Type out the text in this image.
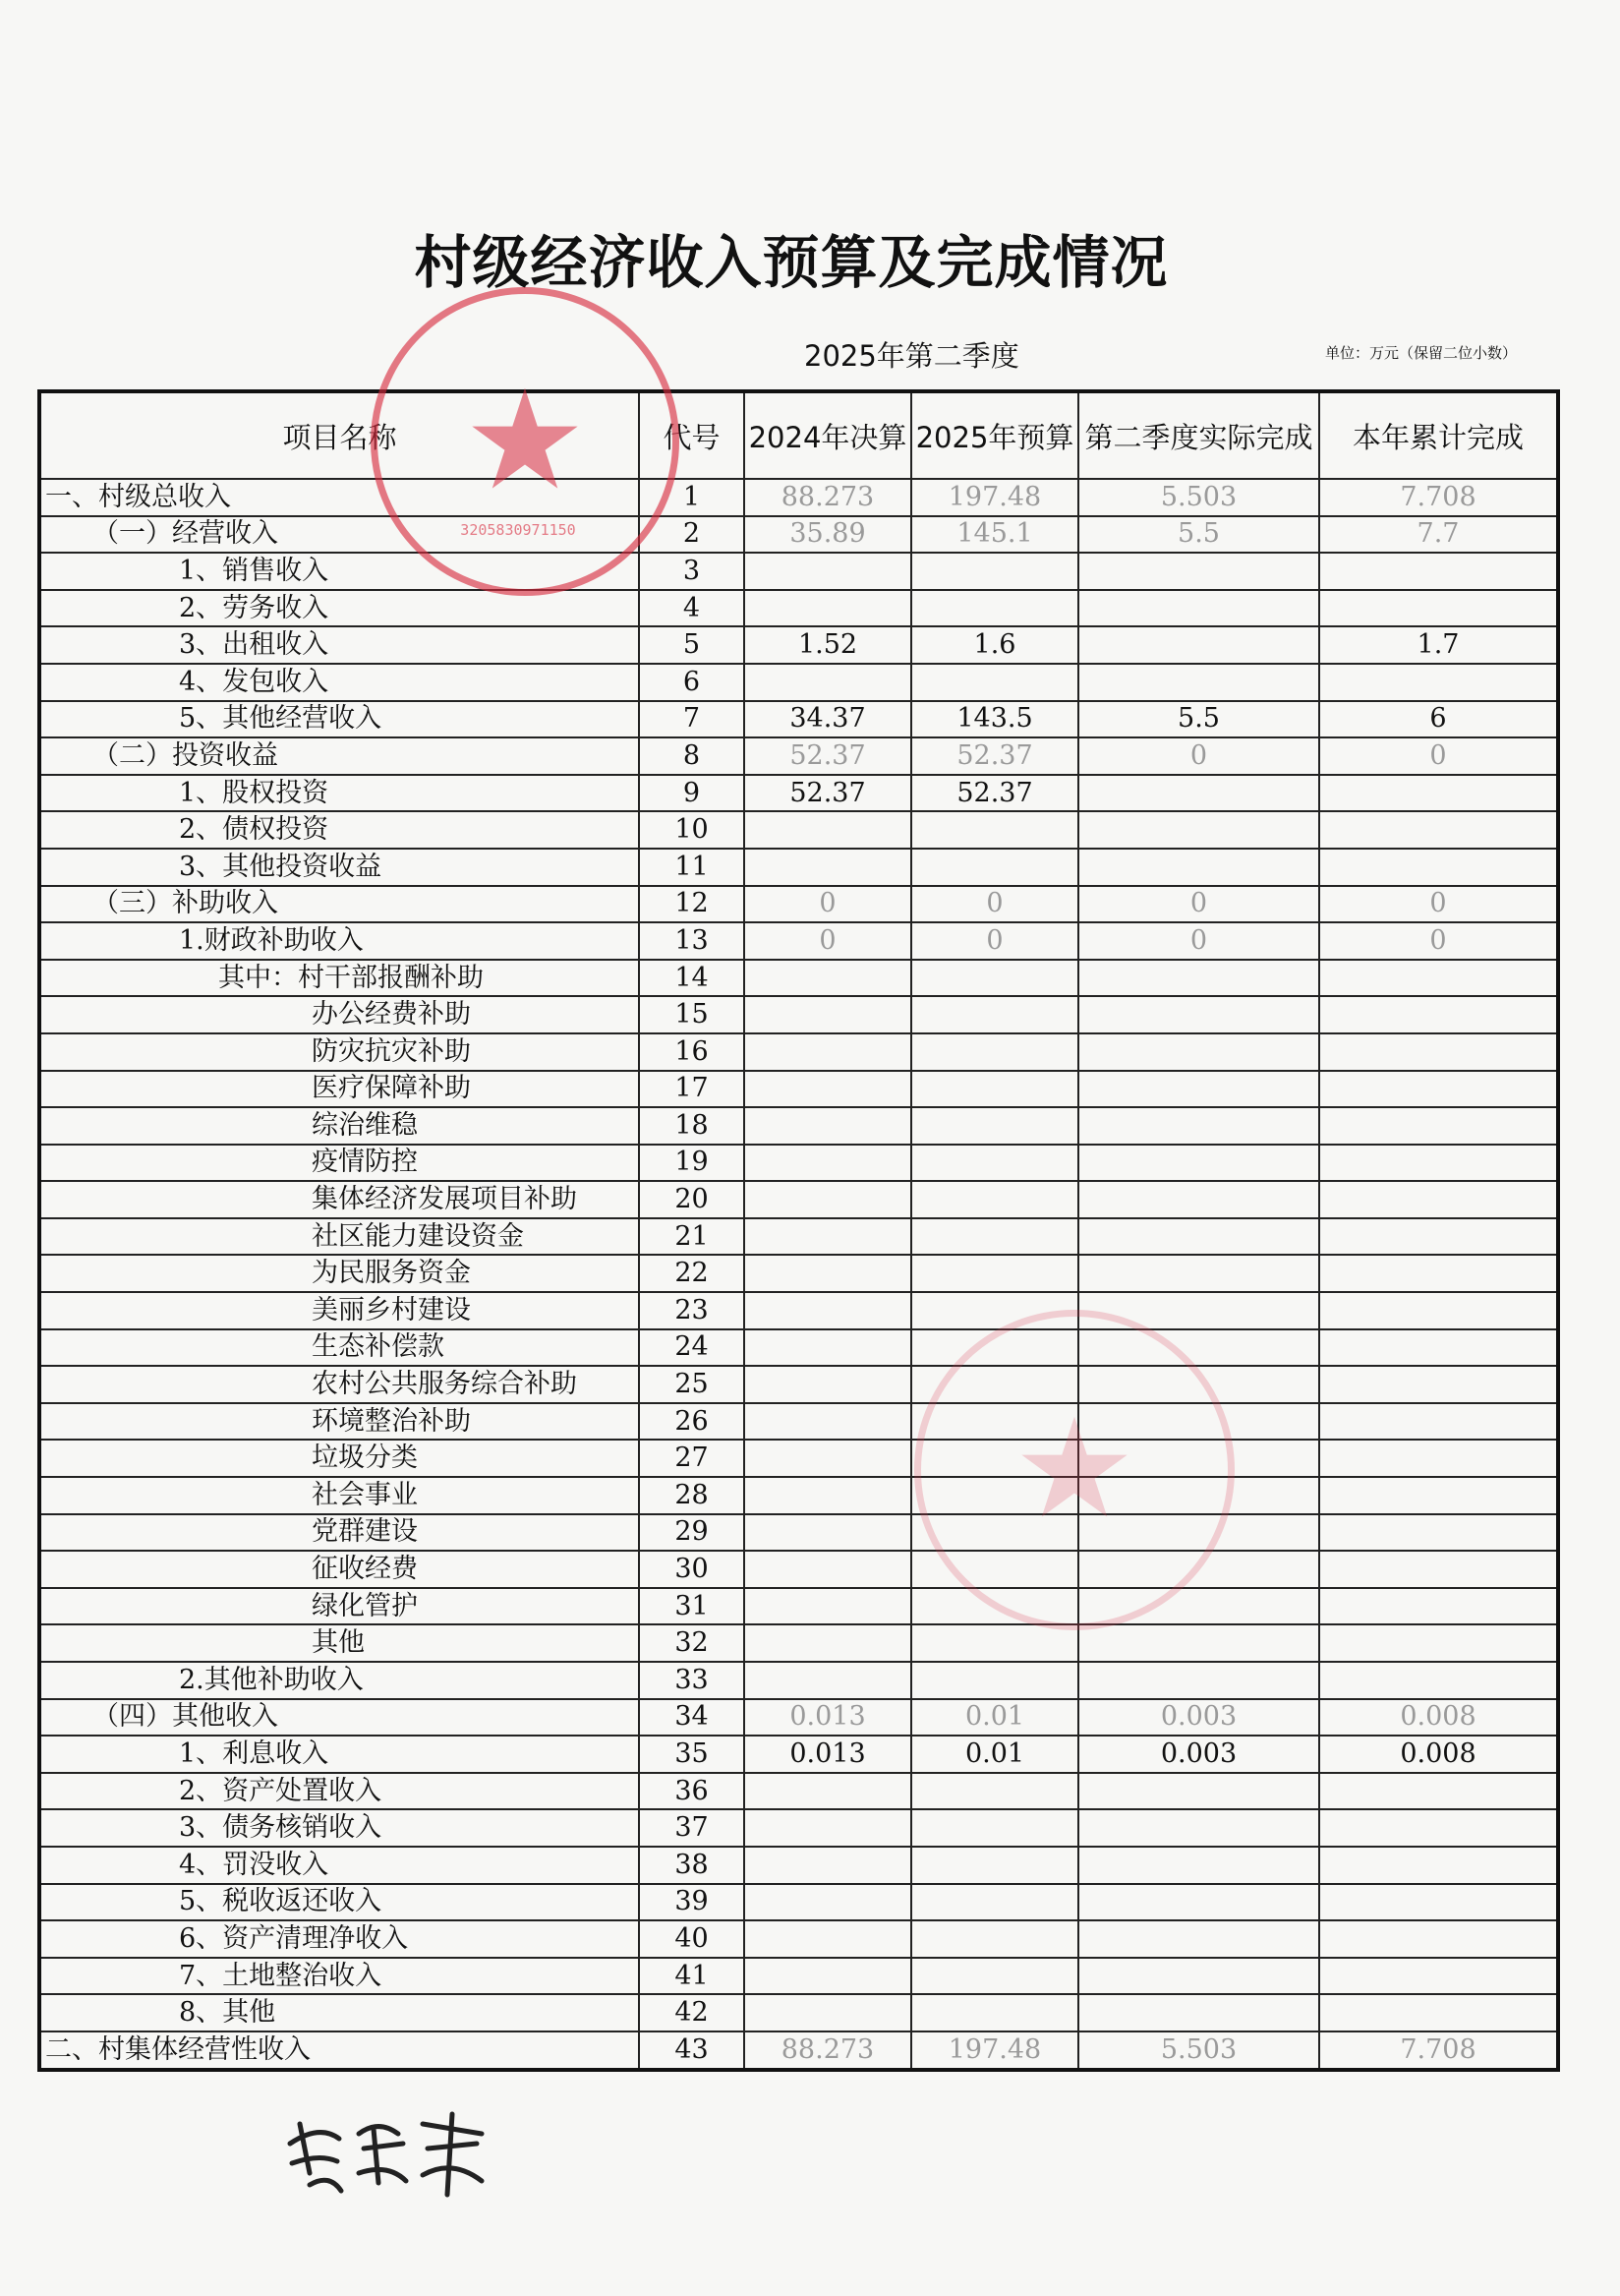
村级经济收入预算及完成情况
2025年第二季度	单位：万元（保留二位小数）
项目名称	代号	2024年决算	2025年预算	第二季度实际完成	本年累计完成
一、村级总收入	1	88.273	197.48	5.503	7.708
（一）经营收入	2	35.89	145.1	5.5	7.7
1、销售收入	3				
2、劳务收入	4				
3、出租收入	5	1.52	1.6		1.7
4、发包收入	6				
5、其他经营收入	7	34.37	143.5	5.5	6
（二）投资收益	8	52.37	52.37	0	0
1、股权投资	9	52.37	52.37		
2、债权投资	10				
3、其他投资收益	11				
（三）补助收入	12	0	0	0	0
1.财政补助收入	13	0	0	0	0
其中：村干部报酬补助	14				
办公经费补助	15				
防灾抗灾补助	16				
医疗保障补助	17				
综治维稳	18				
疫情防控	19				
集体经济发展项目补助	20				
社区能力建设资金	21				
为民服务资金	22				
美丽乡村建设	23				
生态补偿款	24				
农村公共服务综合补助	25				
环境整治补助	26				
垃圾分类	27				
社会事业	28				
党群建设	29				
征收经费	30				
绿化管护	31				
其他	32				
2.其他补助收入	33				
（四）其他收入	34	0.013	0.01	0.003	0.008
1、利息收入	35	0.013	0.01	0.003	0.008
2、资产处置收入	36				
3、债务核销收入	37				
4、罚没收入	38				
5、税收返还收入	39				
6、资产清理净收入	40				
7、土地整治收入	41				
8、其他	42				
二、村集体经营性收入	43	88.273	197.48	5.503	7.708
★
3205830971150
★
